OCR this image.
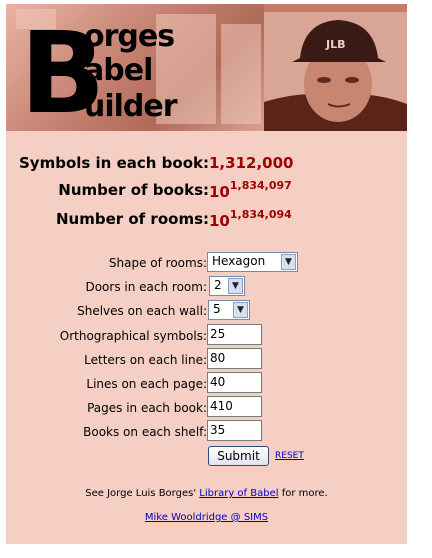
B
orges
abel
uilder
JLB
Symbols in each book: 1,312,000
Number of books: 10$^{1,834,097}$
Number of rooms: 10$^{1,834,094}$
Shape of rooms: Hexagon	▼
Doors in each room: 2	▼
Shelves on each wall: 5	▼
Orthographical symbols: 25
Letters on each line: 80
Lines on each page: 40
Pages in each book: 410
Books on each shelf: 35
Submit	RESET
See Jorge Luis Borges' Library of Babel for more.
Mike Wooldridge @ SIMS
